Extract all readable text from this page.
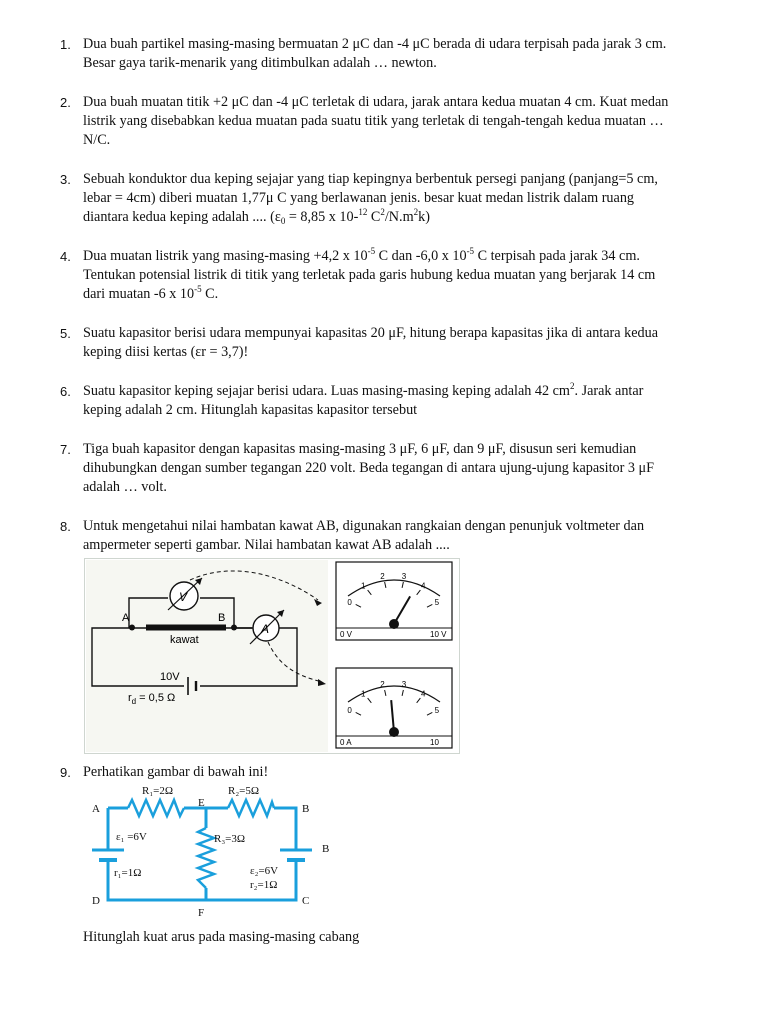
1. Dua buah partikel masing-masing bermuatan 2 μC dan -4 μC berada di udara terpisah pada jarak 3 cm.
Besar gaya tarik-menarik yang ditimbulkan adalah … newton.
2. Dua buah muatan titik +2 μC dan -4 μC terletak di udara, jarak antara kedua muatan 4 cm. Kuat medan
listrik yang disebabkan kedua muatan pada suatu titik yang terletak di tengah-tengah kedua muatan …
N/C.
3. Sebuah konduktor dua keping sejajar yang tiap kepingnya berbentuk persegi panjang (panjang=5 cm,
lebar = 4cm) diberi muatan 1,77μ C yang berlawanan jenis. besar kuat medan listrik dalam ruang
diantara kedua keping adalah .... ($\varepsilon_0 = 8,85$ x 10-$^{12}$ $C^2/N.m^2k$)
4. Dua muatan listrik yang masing-masing +4,2 x $10^{-5}$ C dan -6,0 x $10^{-5}$ C terpisah pada jarak 34 cm.
Tentukan potensial listrik di titik yang terletak pada garis hubung kedua muatan yang berjarak 14 cm
dari muatan -6 x $10^{-5}$ C.
5. Suatu kapasitor berisi udara mempunyai kapasitas 20 μF, hitung berapa kapasitas jika di antara kedua
keping diisi kertas (εr = 3,7)!
6. Suatu kapasitor keping sejajar berisi udara. Luas masing-masing keping adalah 42 $cm^2$. Jarak antar
keping adalah 2 cm. Hitunglah kapasitas kapasitor tersebut
7. Tiga buah kapasitor dengan kapasitas masing-masing 3 μF, 6 μF, dan 9 μF, disusun seri kemudian
dihubungkan dengan sumber tegangan 220 volt. Beda tegangan di antara ujung-ujung kapasitor 3 μF
adalah … volt.
8. Untuk mengetahui nilai hambatan kawat AB, digunakan rangkaian dengan penunjuk voltmeter dan
ampermeter seperti gambar. Nilai hambatan kawat AB adalah ....
A	B
kawat
V
A
10V
$r_d = 0,5$ Ω
0
1
2 3
4
5
0 V	10 V
0
1
2 3
4
5
0 A	10
9. Perhatikan gambar di bawah ini!
R₁=2Ω	R₂=5Ω
R₃=3Ω
ε₁ =6V
r₁=1Ω	ε₂=6V
r₂=1Ω
A	E	B
B
C
D
F
Hitunglah kuat arus pada masing-masing cabang
